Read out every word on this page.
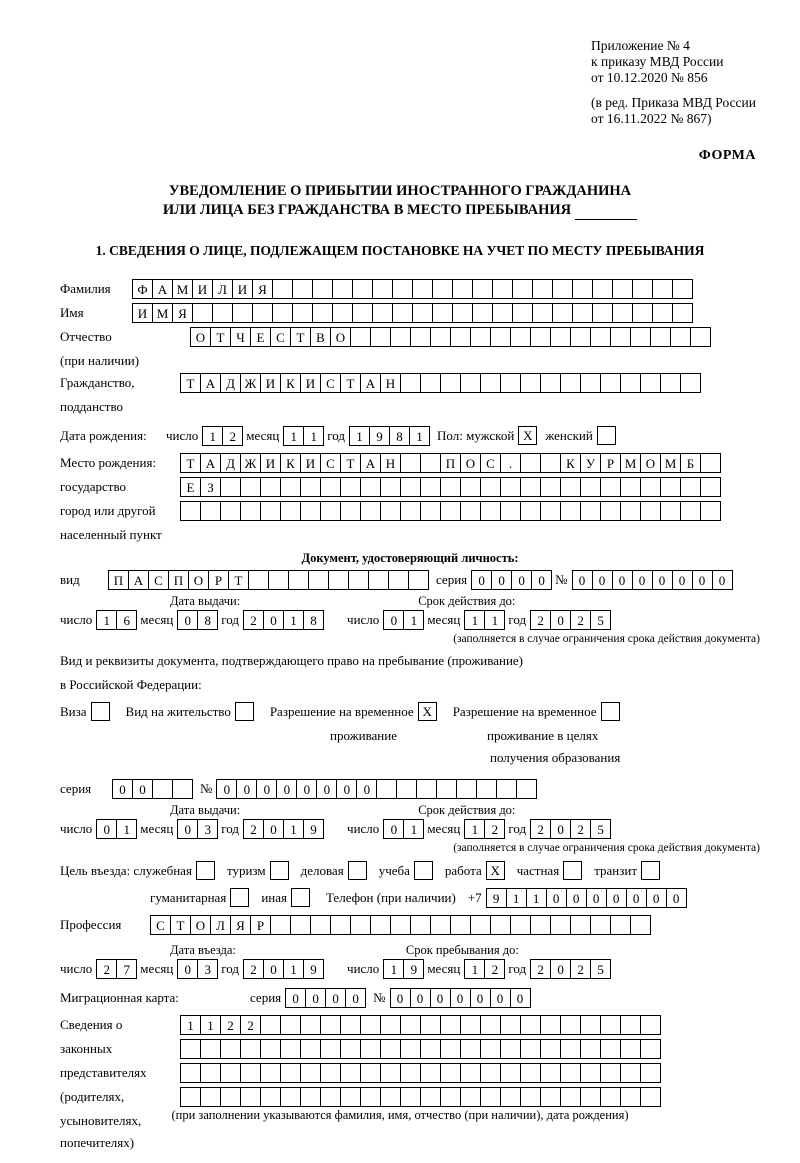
Приложение № 4
к приказу МВД России
от 10.12.2020 № 856
(в ред. Приказа МВД России
от 16.11.2022 № 867)
ФОРМА
УВЕДОМЛЕНИЕ О ПРИБЫТИИ ИНОСТРАННОГО ГРАЖДАНИНА
ИЛИ ЛИЦА БЕЗ ГРАЖДАНСТВА В МЕСТО ПРЕБЫВАНИЯ
1. СВЕДЕНИЯ О ЛИЦЕ, ПОДЛЕЖАЩЕМ ПОСТАНОВКЕ НА УЧЕТ ПО МЕСТУ ПРЕБЫВАНИЯ
Фамилия	Ф А М И Л И Я
Имя	И М Я
Отчество	О Т Ч Е С Т В О
(при наличии)
Гражданство,	Т А Д Ж И К И С Т А Н
подданство
Дата рождения:	число 1	2 месяц 1	1 год 1	9	8	1	Пол: мужской X женский
Место рождения:	Т А Д Ж И К И С Т А Н	П О С	.	К У Р М О М Б
государство	Е З
город или другой
населенный пункт
Документ, удостоверяющий личность:
вид	П А С П О Р Т	серия 0	0	0	0 № 0	0	0	0	0	0	0	0
Дата выдачи:	Срок действия до:
число 1	6 месяц 0	8 год 2	0	1	8	число 0	1 месяц 1	1 год 2	0	2	5
(заполняется в случае ограничения срока действия документа)
Вид и реквизиты документа, подтверждающего право на пребывание (проживание)
в Российской Федерации:
Виза	Вид на жительство	Разрешение на временное X	Разрешение на временное
проживание	проживание в целях
получения образования
серия	0	0	№ 0	0	0	0	0	0	0	0
Дата выдачи:	Срок действия до:
число 0	1 месяц 0	3 год 2	0	1	9	число 0	1 месяц 1	2 год 2	0	2	5
(заполняется в случае ограничения срока действия документа)
Цель въезда: служебная	туризм	деловая	учеба	работа X	частная	транзит
гуманитарная	иная	Телефон (при наличии) +7 9	1	1	0	0	0	0	0	0	0
Профессия	С Т О Л Я Р
Дата въезда:	Срок пребывания до:
число 2	7 месяц 0	3 год 2	0	1	9	число 1	9 месяц 1	2 год 2	0	2	5
Миграционная карта:	серия 0	0	0	0	№ 0	0	0	0	0	0	0
Сведения о	1	1	2	2
законных
представителях
(родителях,
усыновителях,
попечителях)
(при заполнении указываются фамилия, имя, отчество (при наличии), дата рождения)
